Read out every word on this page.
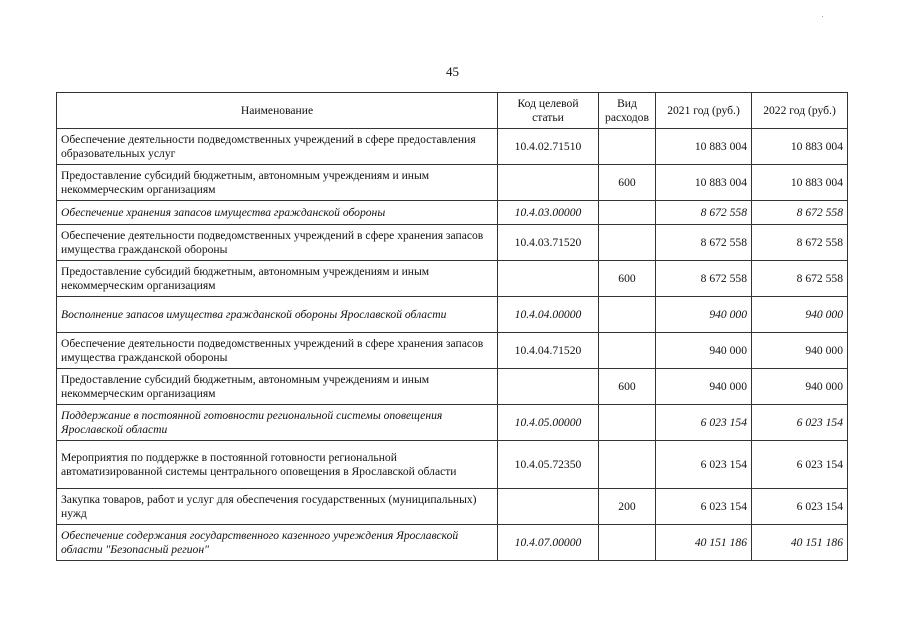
45
Наименование	Код целевой статьи	Вид расходов	2021 год (руб.)	2022 год (руб.)
Обеспечение деятельности подведомственных учреждений в сфере предоставления образовательных услуг	10.4.02.71510		10 883 004	10 883 004
Предоставление субсидий бюджетным, автономным учреждениям и иным некоммерческим организациям		600	10 883 004	10 883 004
Обеспечение хранения запасов имущества гражданской обороны	10.4.03.00000		8 672 558	8 672 558
Обеспечение деятельности подведомственных учреждений в сфере хранения запасов имущества гражданской обороны	10.4.03.71520		8 672 558	8 672 558
Предоставление субсидий бюджетным, автономным учреждениям и иным некоммерческим организациям		600	8 672 558	8 672 558
Восполнение запасов имущества гражданской обороны Ярославской области	10.4.04.00000		940 000	940 000
Обеспечение деятельности подведомственных учреждений в сфере хранения запасов имущества гражданской обороны	10.4.04.71520		940 000	940 000
Предоставление субсидий бюджетным, автономным учреждениям и иным некоммерческим организациям		600	940 000	940 000
Поддержание в постоянной готовности региональной системы оповещения Ярославской области	10.4.05.00000		6 023 154	6 023 154
Мероприятия по поддержке в постоянной готовности региональной автоматизированной системы центрального оповещения в Ярославской области	10.4.05.72350		6 023 154	6 023 154
Закупка товаров, работ и услуг для обеспечения государственных (муниципальных) нужд		200	6 023 154	6 023 154
Обеспечение содержания государственного казенного учреждения Ярославской области "Безопасный регион"	10.4.07.00000		40 151 186	40 151 186
